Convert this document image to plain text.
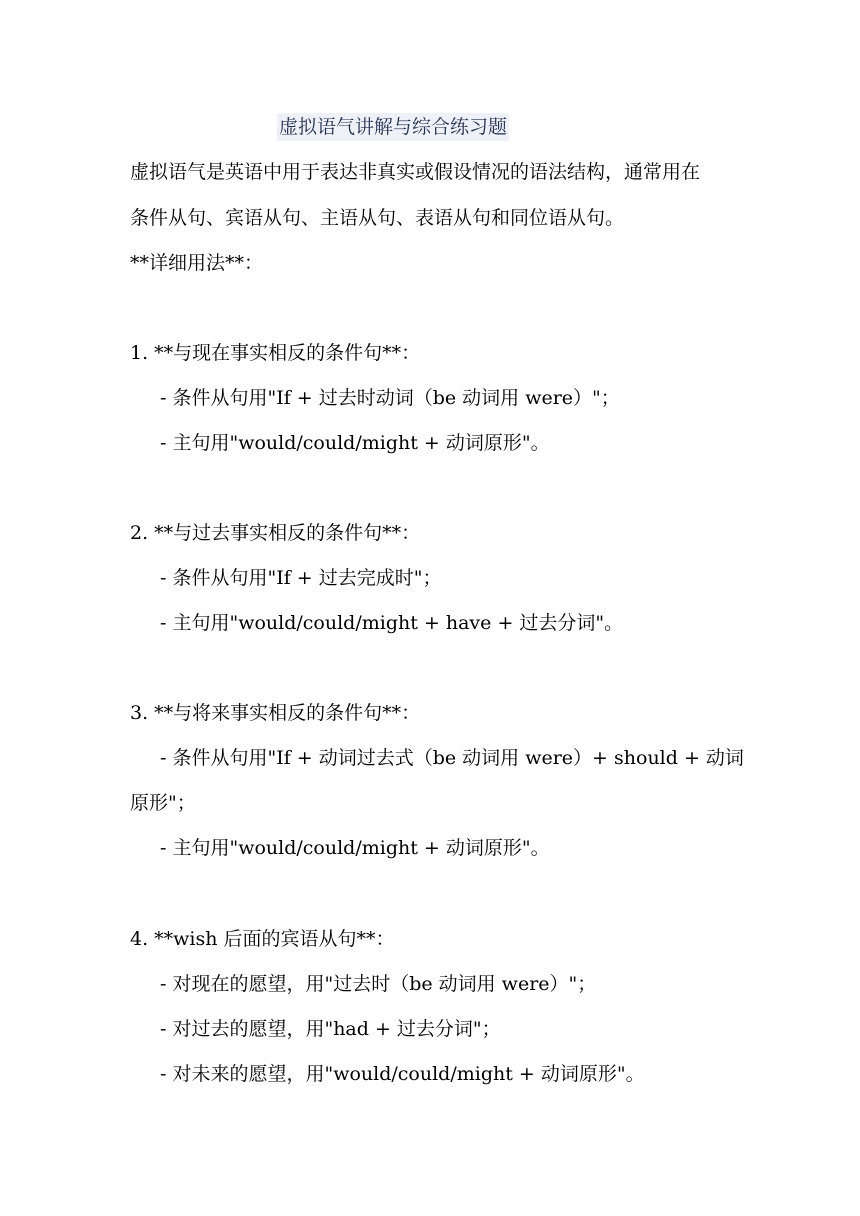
虚拟语气讲解与综合练习题
虚拟语气是英语中用于表达非真实或假设情况的语法结构，通常用在
条件从句、宾语从句、主语从句、表语从句和同位语从句。
**详细用法**：
1. **与现在事实相反的条件句**：
- 条件从句用"If + 过去时动词（be 动词用 were）"；
- 主句用"would/could/might + 动词原形"。
2. **与过去事实相反的条件句**：
- 条件从句用"If + 过去完成时"；
- 主句用"would/could/might + have + 过去分词"。
3. **与将来事实相反的条件句**：
- 条件从句用"If + 动词过去式（be 动词用 were）+ should + 动词
原形"；
- 主句用"would/could/might + 动词原形"。
4. **wish 后面的宾语从句**：
- 对现在的愿望，用"过去时（be 动词用 were）"；
- 对过去的愿望，用"had + 过去分词"；
- 对未来的愿望，用"would/could/might + 动词原形"。
